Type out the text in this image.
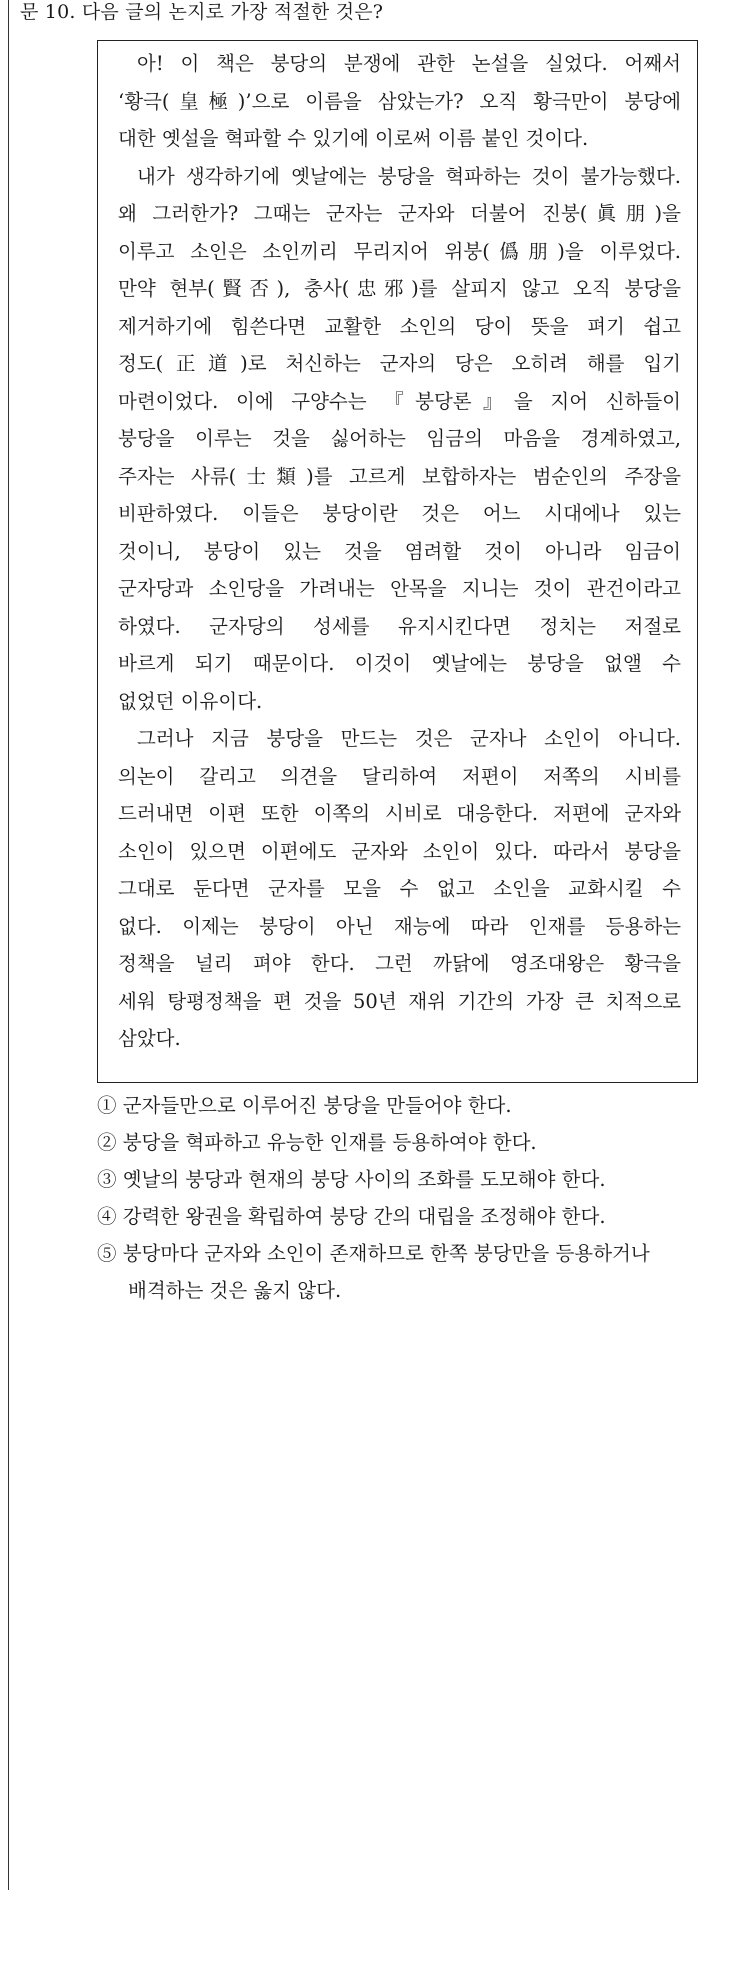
문 10. 다음 글의 논지로 가장 적절한 것은?
아! 이 책은 붕당의 분쟁에 관한 논설을 실었다. 어째서
‘황극(皇極)’으로 이름을 삼았는가? 오직 황극만이 붕당에
대한 옛설을 혁파할 수 있기에 이로써 이름 붙인 것이다.
내가 생각하기에 옛날에는 붕당을 혁파하는 것이 불가능했다.
왜 그러한가? 그때는 군자는 군자와 더불어 진붕(眞朋)을
이루고 소인은 소인끼리 무리지어 위붕(僞朋)을 이루었다.
만약 현부(賢否), 충사(忠邪)를 살피지 않고 오직 붕당을
제거하기에 힘쓴다면 교활한 소인의 당이 뜻을 펴기 쉽고
정도(正道)로 처신하는 군자의 당은 오히려 해를 입기
마련이었다. 이에 구양수는 『붕당론』을 지어 신하들이
붕당을 이루는 것을 싫어하는 임금의 마음을 경계하였고,
주자는 사류(士類)를 고르게 보합하자는 범순인의 주장을
비판하였다. 이들은 붕당이란 것은 어느 시대에나 있는
것이니, 붕당이 있는 것을 염려할 것이 아니라 임금이
군자당과 소인당을 가려내는 안목을 지니는 것이 관건이라고
하였다. 군자당의 성세를 유지시킨다면 정치는 저절로
바르게 되기 때문이다. 이것이 옛날에는 붕당을 없앨 수
없었던 이유이다.
그러나 지금 붕당을 만드는 것은 군자나 소인이 아니다.
의논이 갈리고 의견을 달리하여 저편이 저쪽의 시비를
드러내면 이편 또한 이쪽의 시비로 대응한다. 저편에 군자와
소인이 있으면 이편에도 군자와 소인이 있다. 따라서 붕당을
그대로 둔다면 군자를 모을 수 없고 소인을 교화시킬 수
없다. 이제는 붕당이 아닌 재능에 따라 인재를 등용하는
정책을 널리 펴야 한다. 그런 까닭에 영조대왕은 황극을
세워 탕평정책을 편 것을 50년 재위 기간의 가장 큰 치적으로
삼았다.
① 군자들만으로 이루어진 붕당을 만들어야 한다.
② 붕당을 혁파하고 유능한 인재를 등용하여야 한다.
③ 옛날의 붕당과 현재의 붕당 사이의 조화를 도모해야 한다.
④ 강력한 왕권을 확립하여 붕당 간의 대립을 조정해야 한다.
⑤ 붕당마다 군자와 소인이 존재하므로 한쪽 붕당만을 등용하거나
배격하는 것은 옳지 않다.
